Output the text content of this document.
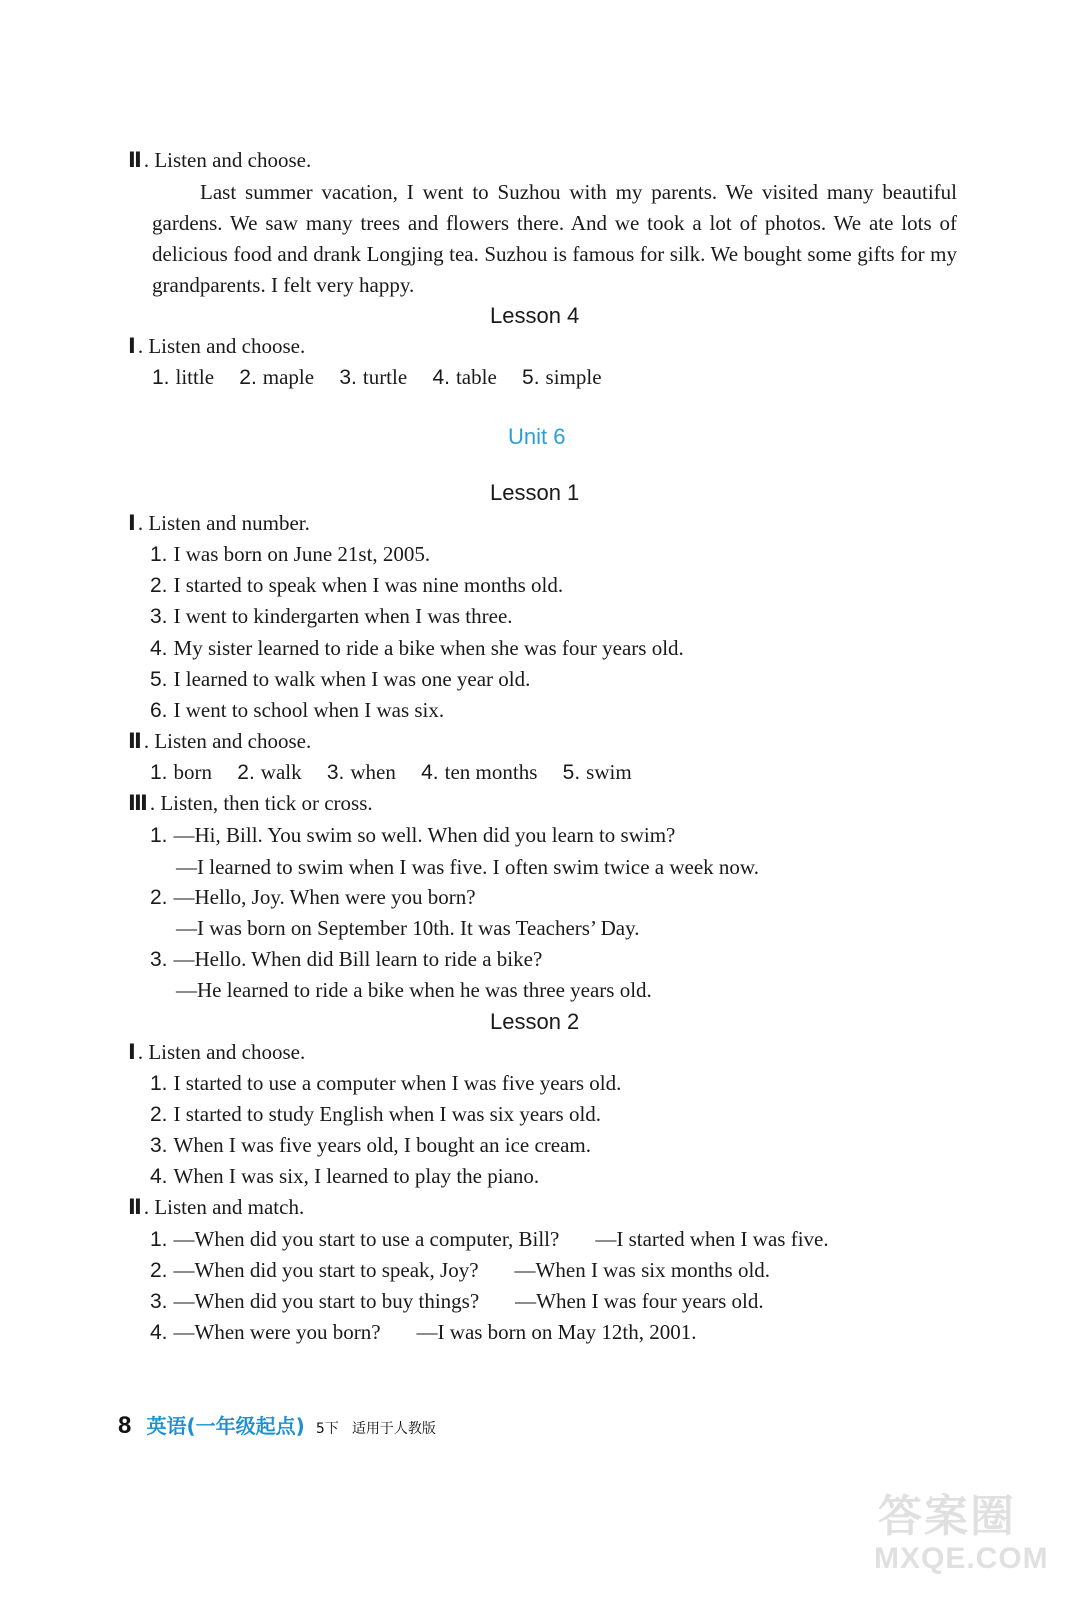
Ⅱ. Listen and choose.
Last summer vacation, I went to Suzhou with my parents. We visited many beautiful gardens. We saw many trees and flowers there. And we took a lot of photos. We ate lots of delicious food and drank Longjing tea. Suzhou is famous for silk. We bought some gifts for my grandparents. I felt very happy.
Lesson 4
Ⅰ. Listen and choose.
1. little 2. maple 3. turtle 4. table 5. simple
Unit 6
Lesson 1
Ⅰ. Listen and number.
1. I was born on June 21st, 2005.
2. I started to speak when I was nine months old.
3. I went to kindergarten when I was three.
4. My sister learned to ride a bike when she was four years old.
5. I learned to walk when I was one year old.
6. I went to school when I was six.
Ⅱ. Listen and choose.
1. born 2. walk 3. when 4. ten months 5. swim
Ⅲ. Listen, then tick or cross.
1. —Hi, Bill. You swim so well. When did you learn to swim?
—I learned to swim when I was five. I often swim twice a week now.
2. —Hello, Joy. When were you born?
—I was born on September 10th. It was Teachers’ Day.
3. —Hello. When did Bill learn to ride a bike?
—He learned to ride a bike when he was three years old.
Lesson 2
Ⅰ. Listen and choose.
1. I started to use a computer when I was five years old.
2. I started to study English when I was six years old.
3. When I was five years old, I bought an ice cream.
4. When I was six, I learned to play the piano.
Ⅱ. Listen and match.
1. —When did you start to use a computer, Bill? —I started when I was five.
2. —When did you start to speak, Joy? —When I was six months old.
3. —When did you start to buy things? —When I was four years old.
4. —When were you born? —I was born on May 12th, 2001.
8 英语(一年级起点) 5下 适用于人教版
答案圈
MXQE.COM
